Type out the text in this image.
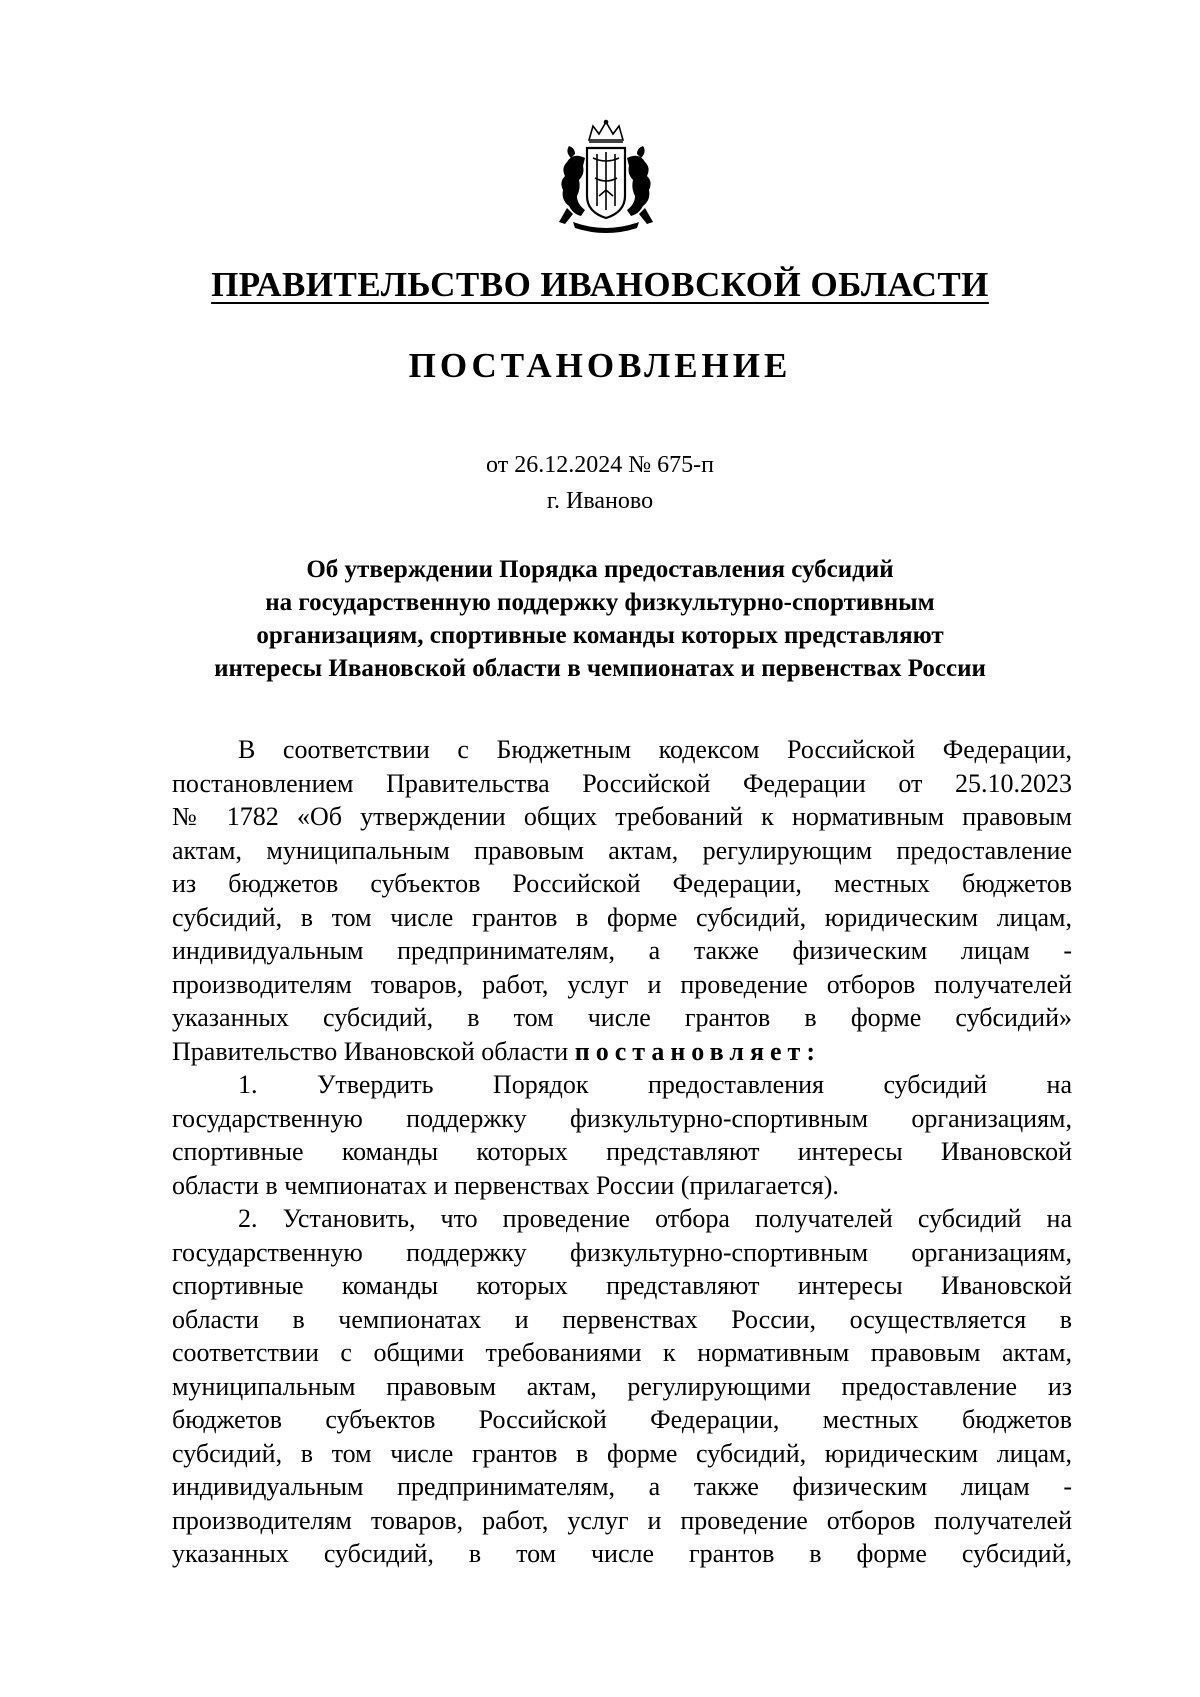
ПРАВИТЕЛЬСТВО ИВАНОВСКОЙ ОБЛАСТИ
ПОСТАНОВЛЕНИЕ
от 26.12.2024 № 675-п
г. Иваново
Об утверждении Порядка предоставления субсидий
на государственную поддержку физкультурно-спортивным
организациям, спортивные команды которых представляют
интересы Ивановской области в чемпионатах и первенствах России
В соответствии с Бюджетным кодексом Российской Федерации,
постановлением Правительства Российской Федерации от 25.10.2023
№ 1782 «Об утверждении общих требований к нормативным правовым
актам, муниципальным правовым актам, регулирующим предоставление
из бюджетов субъектов Российской Федерации, местных бюджетов
субсидий, в том числе грантов в форме субсидий, юридическим лицам,
индивидуальным предпринимателям, а также физическим лицам -
производителям товаров, работ, услуг и проведение отборов получателей
указанных субсидий, в том числе грантов в форме субсидий»
Правительство Ивановской области постановляет:
1. Утвердить Порядок предоставления субсидий на
государственную поддержку физкультурно-спортивным организациям,
спортивные команды которых представляют интересы Ивановской
области в чемпионатах и первенствах России (прилагается).
2. Установить, что проведение отбора получателей субсидий на
государственную поддержку физкультурно-спортивным организациям,
спортивные команды которых представляют интересы Ивановской
области в чемпионатах и первенствах России, осуществляется в
соответствии с общими требованиями к нормативным правовым актам,
муниципальным правовым актам, регулирующими предоставление из
бюджетов субъектов Российской Федерации, местных бюджетов
субсидий, в том числе грантов в форме субсидий, юридическим лицам,
индивидуальным предпринимателям, а также физическим лицам -
производителям товаров, работ, услуг и проведение отборов получателей
указанных субсидий, в том числе грантов в форме субсидий,
